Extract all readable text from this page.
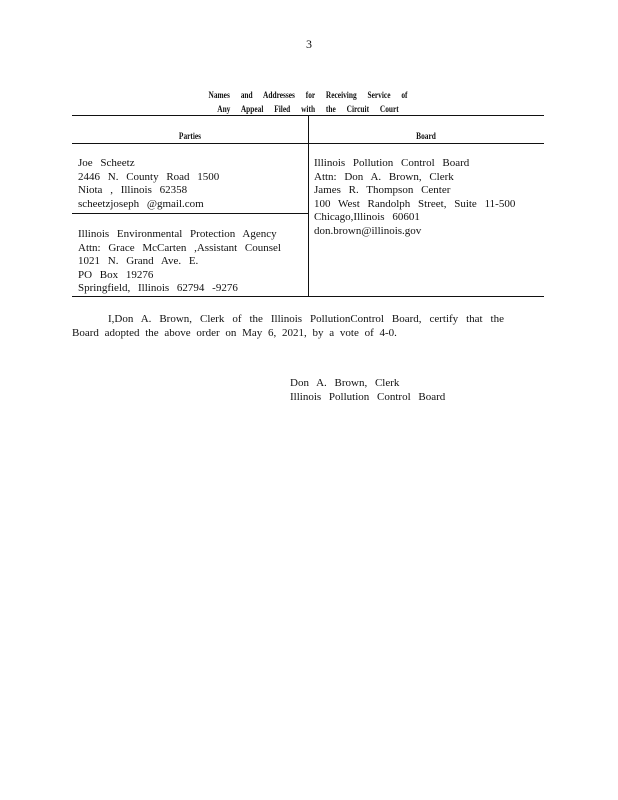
3
Names and Addresses for Receiving Service of
Any Appeal Filed with the Circuit Court
Parties	Board
Joe Scheetz
2446 N. County Road 1500
Niota , Illinois 62358
scheetzjoseph @gmail.com
Illinois Environmental Protection Agency
Attn: Grace McCarten ,Assistant Counsel
1021 N. Grand Ave. E.
PO Box 19276
Springfield, Illinois 62794 -9276
Illinois Pollution Control Board
Attn: Don A. Brown, Clerk
James R. Thompson Center
100 West Randolph Street, Suite 11-500
Chicago,Illinois 60601
don.brown@illinois.gov
I,Don A. Brown, Clerk of the Illinois PollutionControl Board, certify that the Board adopted the above order on May 6, 2021, by a vote of 4-0.
Don A. Brown, Clerk
Illinois Pollution Control Board
